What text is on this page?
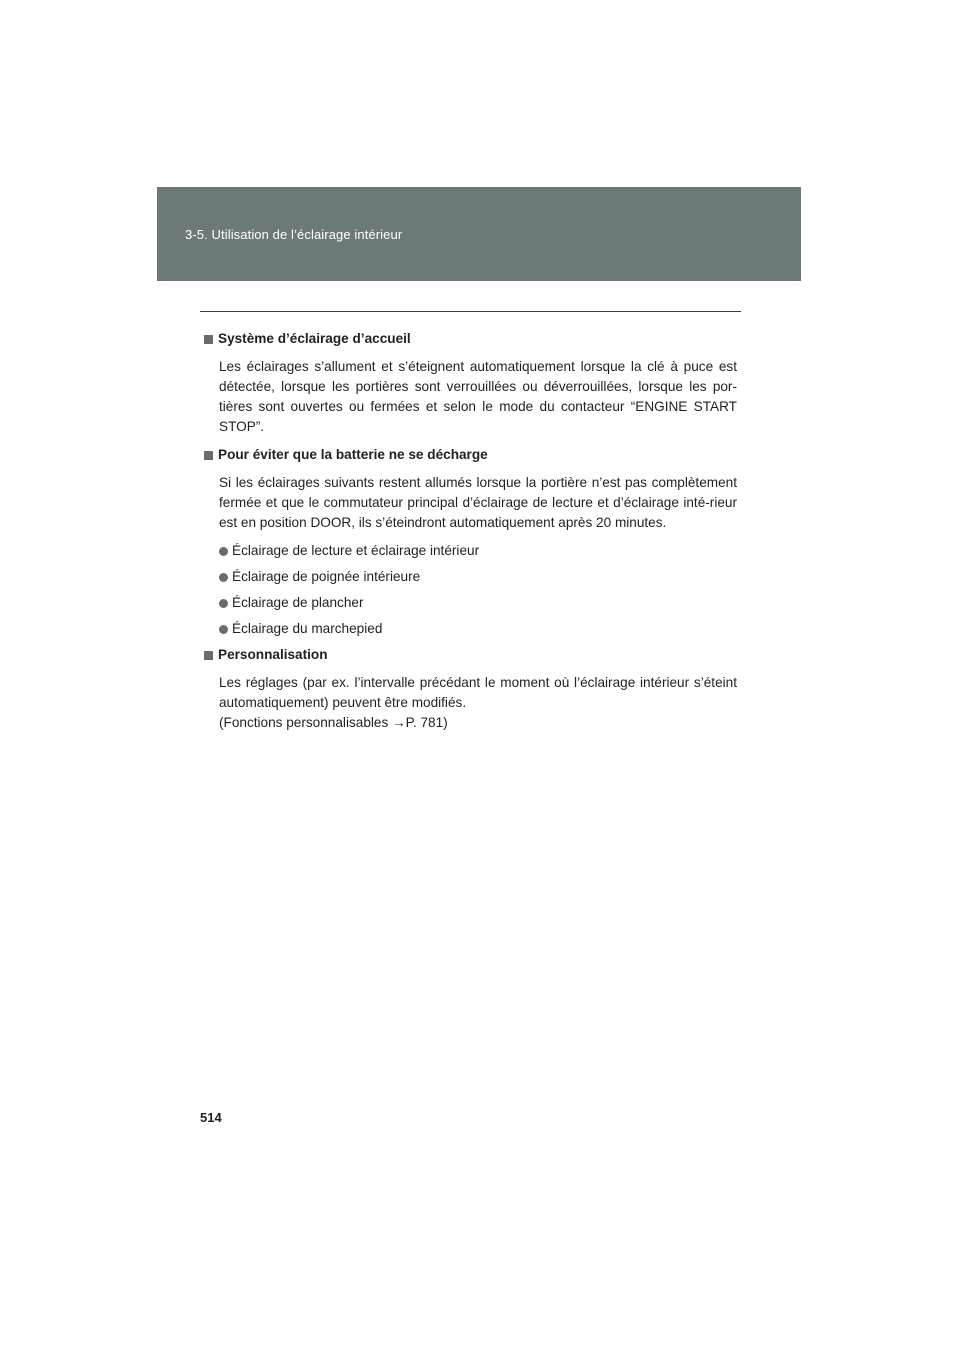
3-5. Utilisation de l’éclairage intérieur
Système d’éclairage d’accueil

Les éclairages s’allument et s’éteignent automatiquement lorsque la clé à puce est détectée, lorsque les portières sont verrouillées ou déverrouillées, lorsque les por-tières sont ouvertes ou fermées et selon le mode du contacteur “ENGINE START STOP”.

Pour éviter que la batterie ne se décharge

Si les éclairages suivants restent allumés lorsque la portière n’est pas complètement fermée et que le commutateur principal d’éclairage de lecture et d’éclairage inté-rieur est en position DOOR, ils s’éteindront automatiquement après 20 minutes.

Éclairage de lecture et éclairage intérieur
Éclairage de poignée intérieure
Éclairage de plancher
Éclairage du marchepied
Personnalisation

Les réglages (par ex. l’intervalle précédant le moment où l’éclairage intérieur s’éteint automatiquement) peuvent être modifiés.
(Fonctions personnalisables →P. 781)

514
